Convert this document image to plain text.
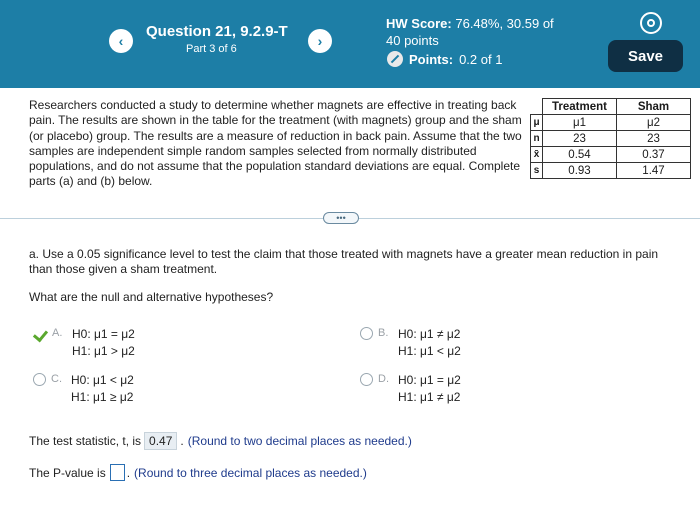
‹
Question 21, 9.2.9-T
Part 3 of 6	›
HW Score: 76.48%, 30.59 of
40 points
Points: 0.2 of 1	Save
Researchers conducted a study to determine whether magnets are effective in treating back pain. The results are shown in the table for the treatment (with magnets) group and the sham (or placebo) group. The results are a measure of reduction in back pain. Assume that the two samples are independent simple random samples selected from normally distributed populations, and do not assume that the population standard deviations are equal. Complete parts (a) and (b) below.
	Treatment	Sham
μ	μ1	μ2
n	23	23
x̄	0.54	0.37
s	0.93	1.47
•••
a. Use a 0.05 significance level to test the claim that those treated with magnets have a greater mean reduction in pain than those given a sham treatment.
What are the null and alternative hypotheses?
A. H0: μ1 = μ2
H1: μ1 > μ2
B. H0: μ1 ≠ μ2
H1: μ1 < μ2
C. H0: μ1 < μ2
H1: μ1 ≥ μ2
D. H0: μ1 = μ2
H1: μ1 ≠ μ2
The test statistic, t, is 0.47 . (Round to two decimal places as needed.)
The P-value is . (Round to three decimal places as needed.)
